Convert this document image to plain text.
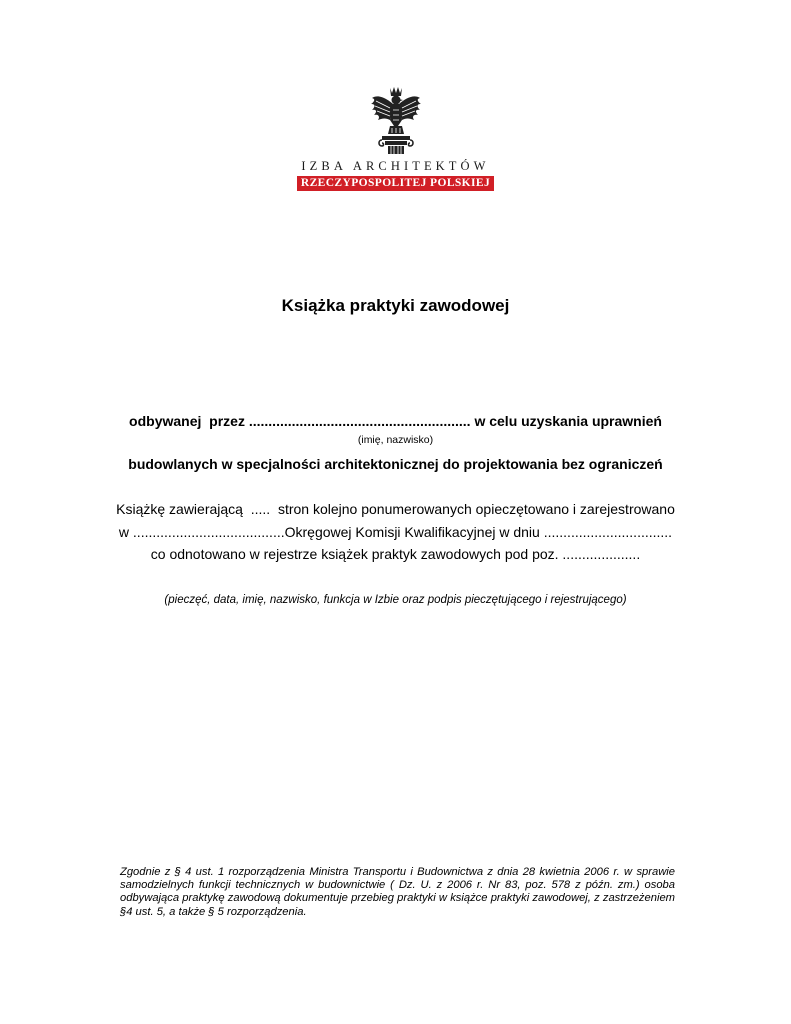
IZBA ARCHITEKTÓW
RZECZYPOSPOLITEJ POLSKIEJ
Książka praktyki zawodowej
odbywanej  przez ......................................................... w celu uzyskania uprawnień
(imię, nazwisko)
budowlanych w specjalności architektonicznej do projektowania bez ograniczeń
Książkę zawierającą  .....  stron kolejno ponumerowanych opieczętowano i zarejestrowano
w .......................................Okręgowej Komisji Kwalifikacyjnej w dniu .................................
co odnotowano w rejestrze książek praktyk zawodowych pod poz. ....................
(pieczęć, data, imię, nazwisko, funkcja w Izbie oraz podpis pieczętującego i rejestrującego)
Zgodnie z § 4 ust. 1 rozporządzenia Ministra Transportu i Budownictwa z dnia 28 kwietnia 2006 r. w sprawie samodzielnych funkcji technicznych w budownictwie ( Dz. U. z 2006 r. Nr 83, poz. 578 z późn. zm.) osoba odbywająca praktykę zawodową dokumentuje przebieg praktyki w książce praktyki zawodowej, z zastrzeżeniem §4 ust. 5, a także § 5 rozporządzenia.
